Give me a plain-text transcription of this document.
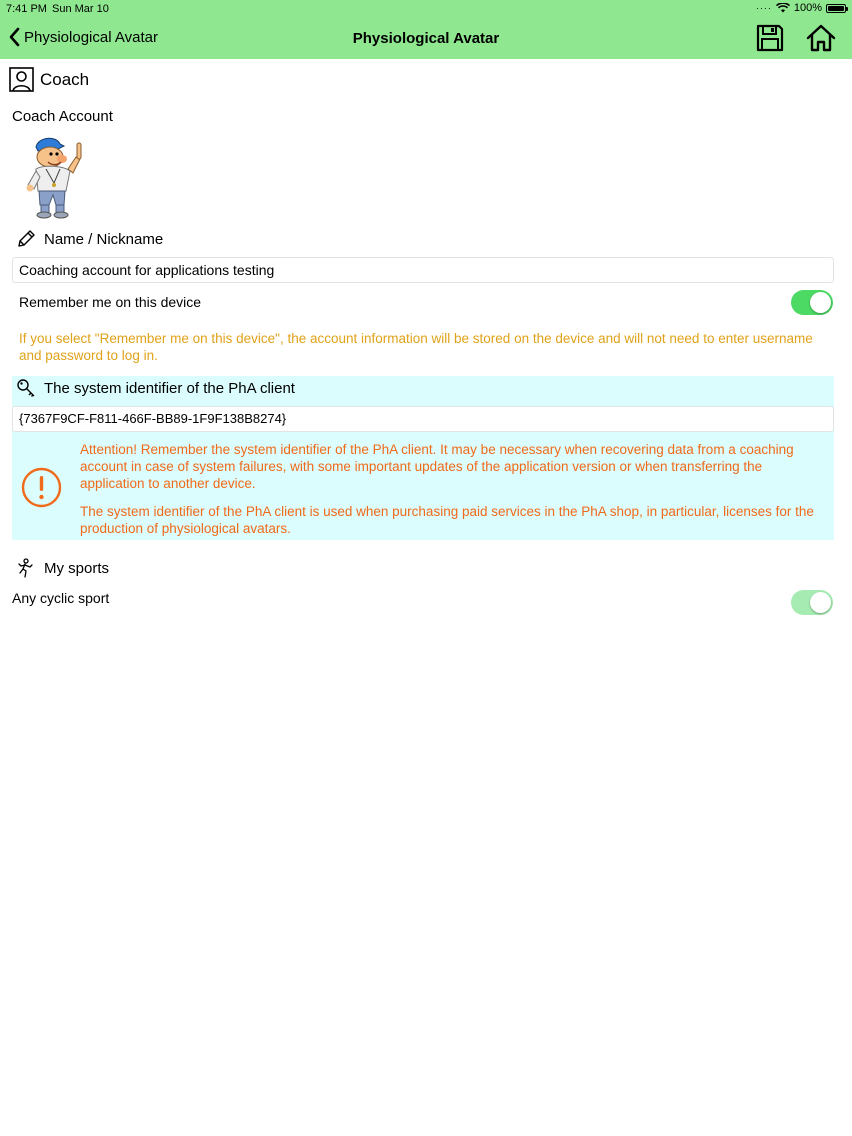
7:41 PM Sun Mar 10	···· 100%
Physiological Avatar	Physiological Avatar
Coach
Coach Account
Name / Nickname
Coaching account for applications testing
Remember me on this device
If you select "Remember me on this device", the account information will be stored on the device and will not need to enter username and password to log in.
The system identifier of the PhA client
{7367F9CF-F811-466F-BB89-1F9F138B8274}
Attention! Remember the system identifier of the PhA client. It may be necessary when recovering data from a coaching account in case of system failures, with some important updates of the application version or when transferring the application to another device.
The system identifier of the PhA client is used when purchasing paid services in the PhA shop, in particular, licenses for the production of physiological avatars.
My sports
Any cyclic sport
